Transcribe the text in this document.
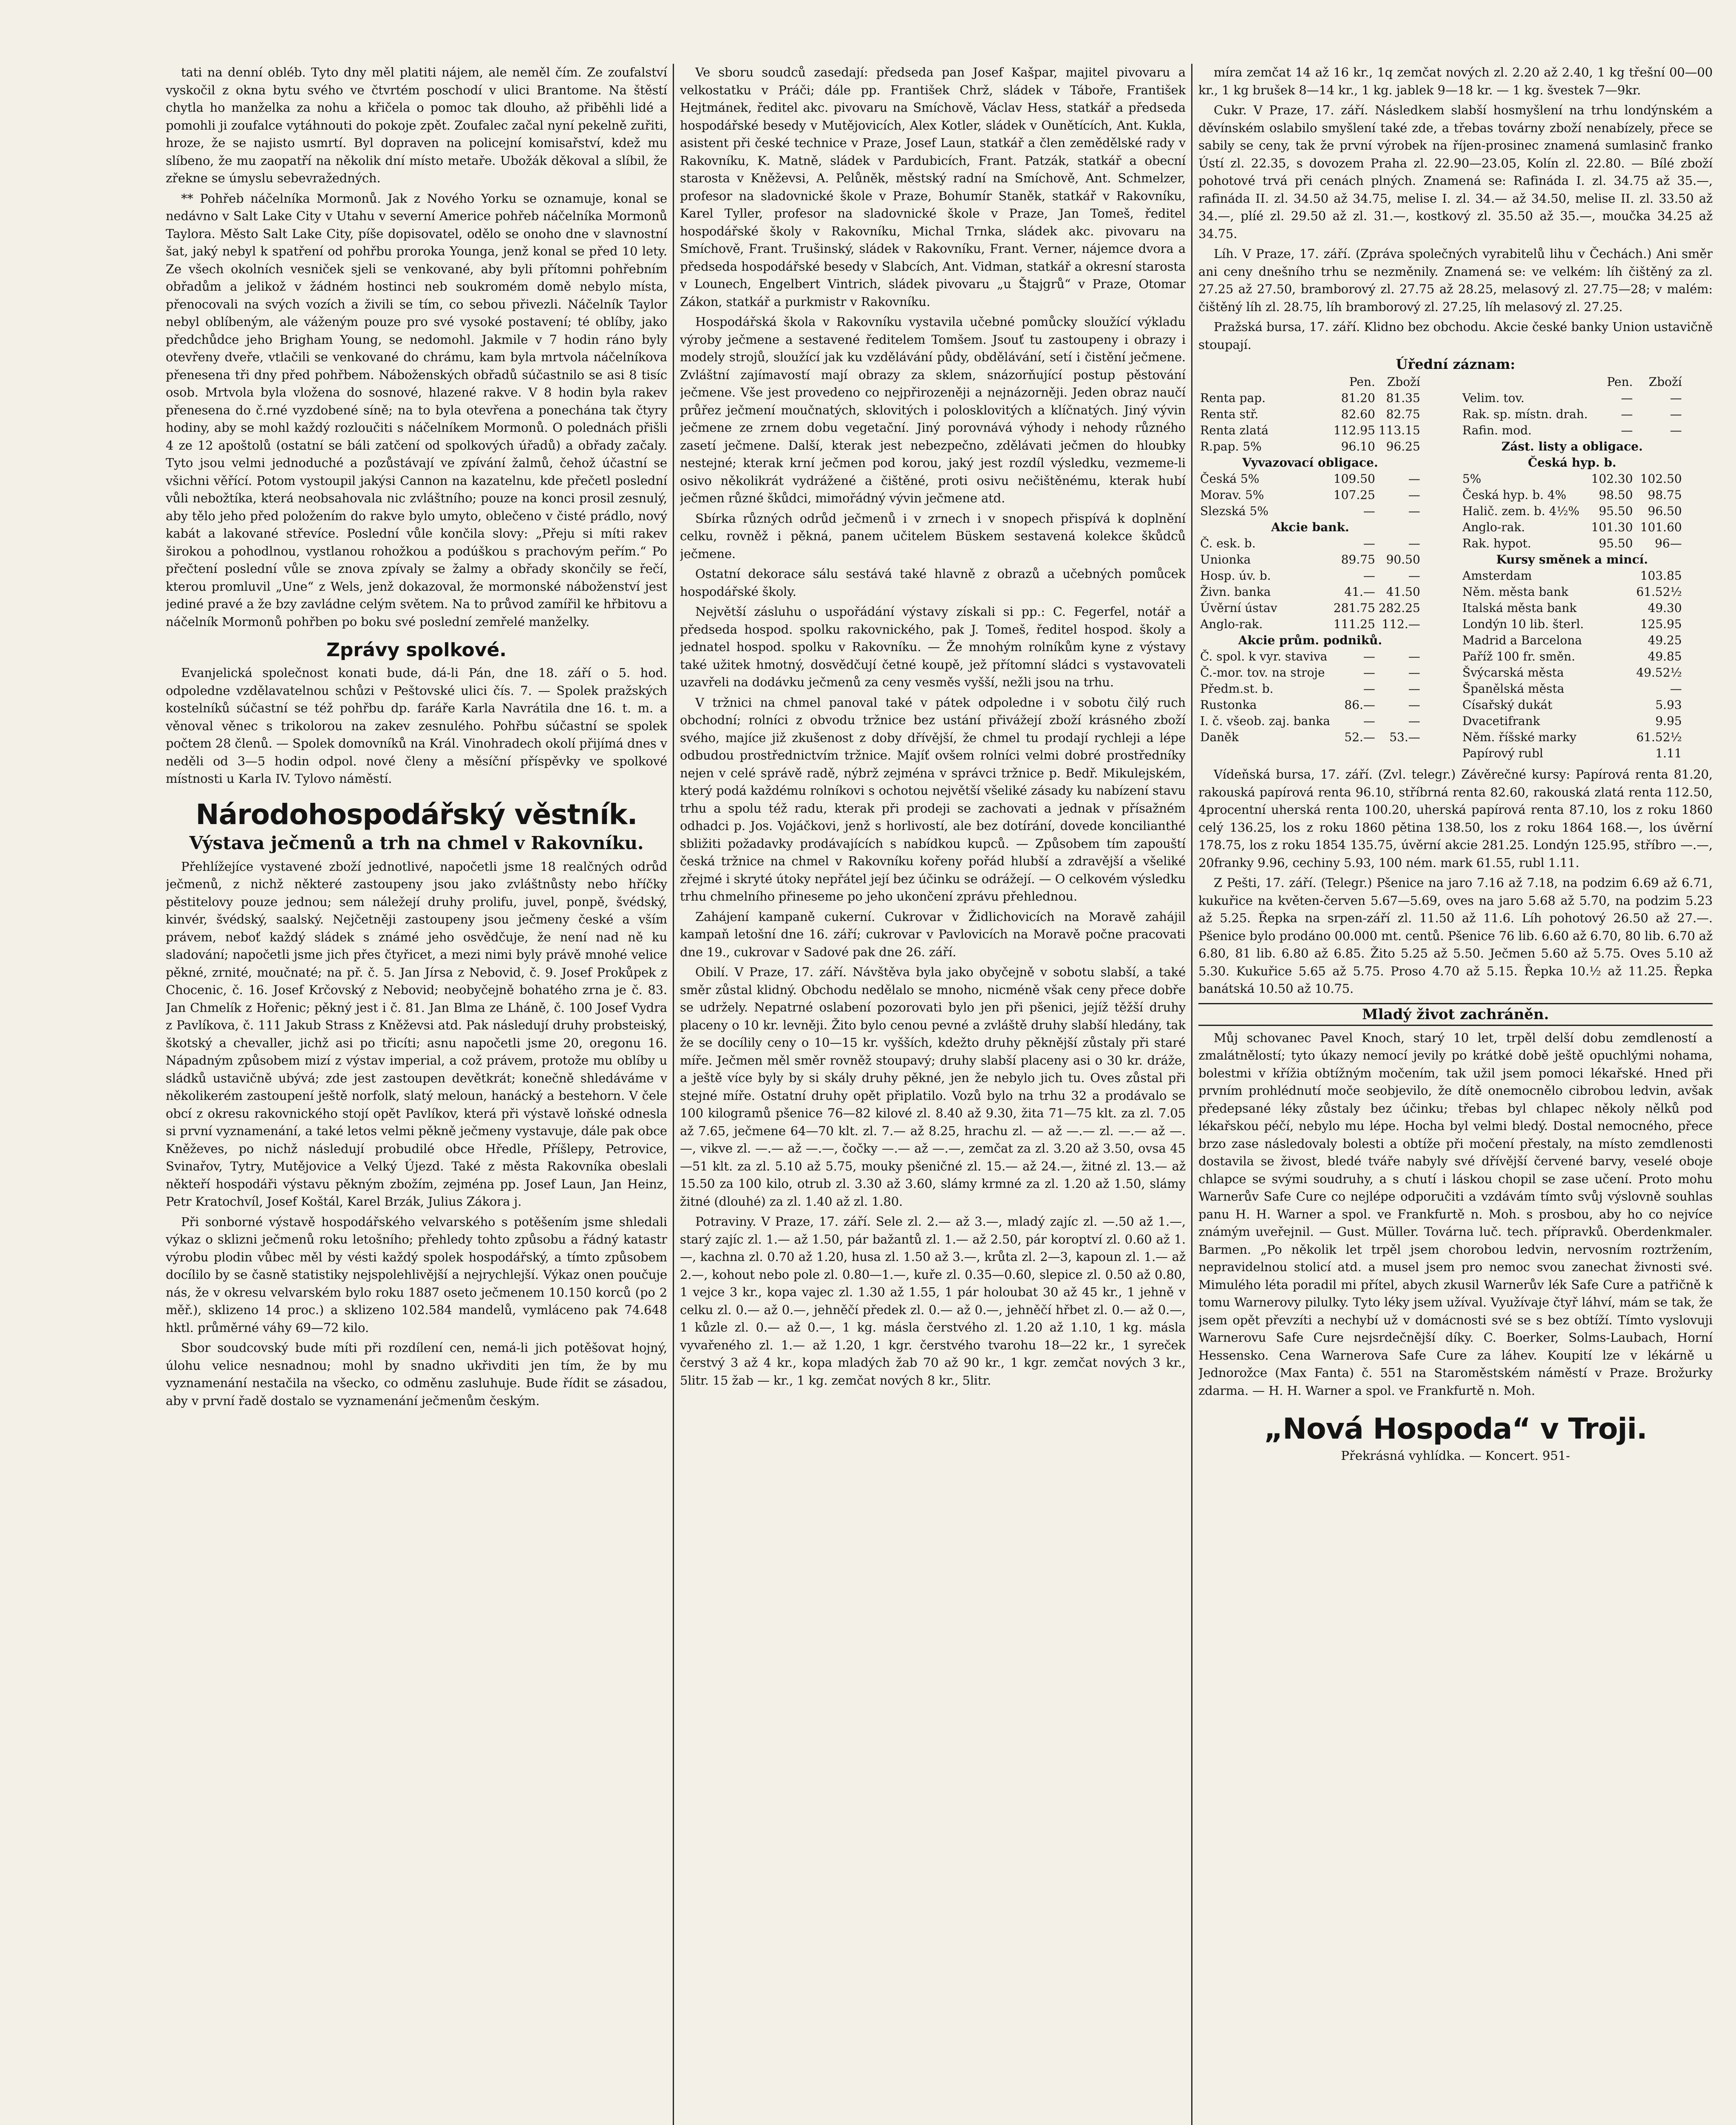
tati na denní obléb. Tyto dny měl platiti nájem, ale neměl čím. Ze zoufalství vyskočil z okna bytu svého ve čtvrtém poschodí v ulici Brantome. Na štěstí chytla ho manželka za nohu a křičela o pomoc tak dlouho, až přiběhli lidé a pomohli ji zoufalce vytáhnouti do pokoje zpět. Zoufalec začal nyní pekelně zuřiti, hroze, že se najisto usmrtí. Byl dopraven na policejní komisařství, kdež mu slíbeno, že mu zaopatří na několik dní místo metaře. Ubožák děkoval a slíbil, že zřekne se úmyslu sebevražedných.

** Pohřeb náčelníka Mormonů. Jak z Nového Yorku se oznamuje, konal se nedávno v Salt Lake City v Utahu v severní Americe pohřeb náčelníka Mormonů Taylora. Město Salt Lake City, píše dopisovatel, odělo se onoho dne v slavnostní šat, jaký nebyl k spatření od pohřbu proroka Younga, jenž konal se před 10 lety. Ze všech okolních vesniček sjeli se venkované, aby byli přítomni pohřebním obřadům a jelikož v žádném hostinci neb soukromém domě nebylo místa, přenocovali na svých vozích a živili se tím, co sebou přivezli. Náčelník Taylor nebyl oblíbeným, ale váženým pouze pro své vysoké postavení; té oblíby, jako předchůdce jeho Brigham Young, se nedomohl. Jakmile v 7 hodin ráno byly otevřeny dveře, vtlačili se venkované do chrámu, kam byla mrtvola náčelníkova přenesena tři dny před pohřbem. Náboženských obřadů súčastnilo se asi 8 tisíc osob. Mrtvola byla vložena do sosnové, hlazené rakve. V 8 hodin byla rakev přenesena do č.rné vyzdobené síně; na to byla otevřena a ponechána tak čtyry hodiny, aby se mohl každý rozloučiti s náčelníkem Mormonů. O polednách přišli 4 ze 12 apoštolů (ostatní se báli zatčení od spolkových úřadů) a obřady začaly. Tyto jsou velmi jednoduché a pozůstávají ve zpívání žalmů, čehož účastní se všichni věřící. Potom vystoupil jakýsi Cannon na kazatelnu, kde přečetl poslední vůli nebožtíka, která neobsahovala nic zvláštního; pouze na konci prosil zesnulý, aby tělo jeho před položením do rakve bylo umyto, oblečeno v čisté prádlo, nový kabát a lakované střevíce. Poslední vůle končila slovy: „Přeju si míti rakev širokou a pohodlnou, vystlanou rohožkou a podúškou s prachovým peřím.“ Po přečtení poslední vůle se znova zpívaly se žalmy a obřady skončily se řečí, kterou promluvil „Une“ z Wels, jenž dokazoval, že mormonské náboženství jest jediné pravé a že bzy zavládne celým světem. Na to průvod zamířil ke hřbitovu a náčelník Mormonů pohřben po boku své poslední zemřelé manželky.

Zprávy spolkové.

Evanjelická společnost konati bude, dá-li Pán, dne 18. září o 5. hod. odpoledne vzdělavatelnou schůzi v Peštovské ulici čís. 7. — Spolek pražských kostelníků súčastní se též pohřbu dp. faráře Karla Navrátila dne 16. t. m. a věnoval věnec s trikolorou na zakev zesnulého. Pohřbu súčastní se spolek počtem 28 členů. — Spolek domovníků na Král. Vinohradech okolí přijímá dnes v neděli od 3—5 hodin odpol. nové členy a měsíční příspěvky ve spolkové místnosti u Karla IV. Tylovo náměstí.

Národohospodářský věstník.
Výstava ječmenů a trh na chmel v Rakovníku.

Přehlížejíce vystavené zboží jednotlivé, napočetli jsme 18 realčných odrůd ječmenů, z nichž některé zastoupeny jsou jako zvláštnůsty nebo hříčky pěstitelovy pouze jednou; sem náležejí druhy prolifu, juvel, ponpě, švédský, kinvér, švédský, saalský. Nejčetněji zastoupeny jsou ječmeny české a vším právem, neboť každý sládek s známé jeho osvědčuje, že není nad ně ku sladování; napočetli jsme jich přes čtyřicet, a mezi nimi byly právě mnohé velice pěkné, zrnité, moučnaté; na př. č. 5. Jan Jírsa z Nebovid, č. 9. Josef Prokůpek z Chocenic, č. 16. Josef Krčovský z Nebovid; neobyčejně bohatého zrna je č. 83. Jan Chmelík z Hořenic; pěkný jest i č. 81. Jan Blma ze Lháně, č. 100 Josef Vydra z Pavlíkova, č. 111 Jakub Strass z Kněževsi atd. Pak následují druhy probsteiský, škotský a chevaller, jichž asi po třicíti; asnu napočetli jsme 20, oregonu 16. Nápadným způsobem mizí z výstav imperial, a což právem, protože mu oblíby u sládků ustavičně ubývá; zde jest zastoupen devětkrát; konečně shledáváme v několikerém zastoupení ještě norfolk, slatý meloun, hanácký a bestehorn. V čele obcí z okresu rakovnického stojí opět Pavlíkov, která při výstavě loňské odnesla si první vyznamenání, a také letos velmi pěkně ječmeny vystavuje, dále pak obce Kněževes, po nichž následují probudilé obce Hředle, Příšlepy, Petrovice, Svinařov, Tytry, Mutějovice a Velký Újezd. Také z města Rakovníka obeslali někteří hospodáři výstavu pěkným zbožím, zejména pp. Josef Laun, Jan Heinz, Petr Kratochvíl, Josef Koštál, Karel Brzák, Julius Zákora j.

Při sonborné výstavě hospodářského velvarského s potěšením jsme shledali výkaz o sklizni ječmenů roku letošního; přehledy tohto způsobu a řádný katastr výrobu plodin vůbec měl by vésti každý spolek hospodářský, a tímto způsobem docílilo by se časně statistiky nejspolehlivější a nejrychlejší. Výkaz onen poučuje nás, že v okresu velvarském bylo roku 1887 oseto ječmenem 10.150 korců (po 2 měř.), sklizeno 14 proc.) a sklizeno 102.584 mandelů, vymláceno pak 74.648 hktl. průměrné váhy 69—72 kilo.

Sbor soudcovský bude míti při rozdílení cen, nemá-li jich potěšovat hojný, úlohu velice nesnadnou; mohl by snadno ukřivditi jen tím, že by mu vyznamenání nestačila na všecko, co odměnu zasluhuje. Bude řídit se zásadou, aby v první řadě dostalo se vyznamenání ječmenům českým.

Ve sboru soudců zasedají: předseda pan Josef Kašpar, majitel pivovaru a velkostatku v Práči; dále pp. František Chrž, sládek v Táboře, František Hejtmánek, ředitel akc. pivovaru na Smíchově, Václav Hess, statkář a předseda hospodářské besedy v Mutějovicích, Alex Kotler, sládek v Ounětících, Ant. Kukla, asistent při české technice v Praze, Josef Laun, statkář a člen zemědělské rady v Rakovníku, K. Matně, sládek v Pardubicích, Frant. Patzák, statkář a obecní starosta v Kněževsi, A. Pelůněk, městský radní na Smíchově, Ant. Schmelzer, profesor na sladovnické škole v Praze, Bohumír Staněk, statkář v Rakovníku, Karel Tyller, profesor na sladovnické škole v Praze, Jan Tomeš, ředitel hospodářské školy v Rakovníku, Michal Trnka, sládek akc. pivovaru na Smíchově, Frant. Trušinský, sládek v Rakovníku, Frant. Verner, nájemce dvora a předseda hospodářské besedy v Slabcích, Ant. Vidman, statkář a okresní starosta v Lounech, Engelbert Vintrich, sládek pivovaru „u Štajgrů“ v Praze, Otomar Zákon, statkář a purkmistr v Rakovníku.

Hospodářská škola v Rakovníku vystavila učebné pomůcky sloužící výkladu výroby ječmene a sestavené ředitelem Tomšem. Jsouť tu zastoupeny i obrazy i modely strojů, sloužící jak ku vzdělávání půdy, obdělávání, setí i čistění ječmene. Zvláštní zajímavostí mají obrazy za sklem, snázorňující postup pěstování ječmene. Vše jest provedeno co nejpřirozeněji a nejnázorněji. Jeden obraz naučí průřez ječmení moučnatých, sklovitých i polosklovitých a klíčnatých. Jiný vývin ječmene ze zrnem dobu vegetační. Jiný porovnává výhody i nehody různého zasetí ječmene. Další, kterak jest nebezpečno, zdělávati ječmen do hloubky nestejné; kterak krní ječmen pod korou, jaký jest rozdíl výsledku, vezmeme-li osivo několikrát vydrážené a čištěné, proti osivu nečištěnému, kterak hubí ječmen různé škůdci, mimořádný vývin ječmene atd.

Sbírka různých odrůd ječmenů i v zrnech i v snopech přispívá k doplnění celku, rovněž i pěkná, panem učitelem Büskem sestavená kolekce škůdců ječmene.

Ostatní dekorace sálu sestává také hlavně z obrazů a učebných pomůcek hospodářské školy.

Největší zásluhu o uspořádání výstavy získali si pp.: C. Fegerfel, notář a předseda hospod. spolku rakovnického, pak J. Tomeš, ředitel hospod. školy a jednatel hospod. spolku v Rakovníku. — Že mnohým rolníkům kyne z výstavy také užitek hmotný, dosvědčují četné koupě, jež přítomní sládci s vystavovateli uzavřeli na dodávku ječmenů za ceny vesměs vyšší, nežli jsou na trhu.

V tržnici na chmel panoval také v pátek odpoledne i v sobotu čilý ruch obchodní; rolníci z obvodu tržnice bez ustání přivážejí zboží krásného zboží svého, majíce již zkušenost z doby dřívější, že chmel tu prodají rychleji a lépe odbudou prostřednictvím tržnice. Majíť ovšem rolníci velmi dobré prostředníky nejen v celé správě radě, nýbrž zejména v správci tržnice p. Bedř. Mikulejském, který podá každému rolníkovi s ochotou největší všeliké zásady ku nabízení stavu trhu a spolu též radu, kterak při prodeji se zachovati a jednak v přísažném odhadci p. Jos. Vojáčkovi, jenž s horlivostí, ale bez dotírání, dovede koncilianthé sbližiti požadavky prodávajících s nabídkou kupců. — Způsobem tím zapouští česká tržnice na chmel v Rakovníku kořeny pořád hlubší a zdravější a všeliké zřejmé i skryté útoky nepřátel její bez účinku se odrážejí. — O celkovém výsledku trhu chmelního přineseme po jeho ukončení zprávu přehlednou.

Zahájení kampaně cukerní. Cukrovar v Židlichovicích na Moravě zahájil kampaň letošní dne 16. září; cukrovar v Pavlovicích na Moravě počne pracovati dne 19., cukrovar v Sadové pak dne 26. září.

Obilí. V Praze, 17. září. Návštěva byla jako obyčejně v sobotu slabší, a také směr zůstal klidný. Obchodu nedělalo se mnoho, nicméně však ceny přece dobře se udržely. Nepatrné oslabení pozorovati bylo jen při pšenici, jejíž těžší druhy placeny o 10 kr. levněji. Žito bylo cenou pevné a zvláště druhy slabší hledány, tak že se docílily ceny o 10—15 kr. vyšších, kdežto druhy pěknější zůstaly při staré míře. Ječmen měl směr rovněž stoupavý; druhy slabší placeny asi o 30 kr. dráže, a ještě více byly by si skály druhy pěkné, jen že nebylo jich tu. Oves zůstal při stejné míře. Ostatní druhy opět připlatilo. Vozů bylo na trhu 32 a prodávalo se 100 kilogramů pšenice 76—82 kilové zl. 8.40 až 9.30, žita 71—75 klt. za zl. 7.05 až 7.65, ječmene 64—70 klt. zl. 7.— až 8.25, hrachu zl. — až —.— zl. —.— až —.—, vikve zl. —.— až —.—, čočky —.— až —.—, zemčat za zl. 3.20 až 3.50, ovsa 45—51 klt. za zl. 5.10 až 5.75, mouky pšeničné zl. 15.— až 24.—, žitné zl. 13.— až 15.50 za 100 kilo, otrub zl. 3.30 až 3.60, slámy krmné za zl. 1.20 až 1.50, slámy žitné (dlouhé) za zl. 1.40 až zl. 1.80.

Potraviny. V Praze, 17. září. Sele zl. 2.— až 3.—, mladý zajíc zl. —.50 až 1.—, starý zajíc zl. 1.— až 1.50, pár bažantů zl. 1.— až 2.50, pár koroptví zl. 0.60 až 1.—, kachna zl. 0.70 až 1.20, husa zl. 1.50 až 3.—, krůta zl. 2—3, kapoun zl. 1.— až 2.—, kohout nebo pole zl. 0.80—1.—, kuře zl. 0.35—0.60, slepice zl. 0.50 až 0.80, 1 vejce 3 kr., kopa vajec zl. 1.30 až 1.55, 1 pár holoubat 30 až 45 kr., 1 jehně v celku zl. 0.— až 0.—, jehněčí předek zl. 0.— až 0.—, jehněčí hřbet zl. 0.— až 0.—, 1 kůzle zl. 0.— až 0.—, 1 kg. másla čerstvého zl. 1.20 až 1.10, 1 kg. másla vyvařeného zl. 1.— až 1.20, 1 kgr. čerstvého tvarohu 18—22 kr., 1 syreček čerstvý 3 až 4 kr., kopa mladých žab 70 až 90 kr., 1 kgr. zemčat nových 3 kr., 5litr. 15 žab — kr., 1 kg. zemčat nových 8 kr., 5litr.

míra zemčat 14 až 16 kr., 1q zemčat nových zl. 2.20 až 2.40, 1 kg třešní 00—00 kr., 1 kg brušek 8—14 kr., 1 kg. jablek 9—18 kr. — 1 kg. švestek 7—9kr.

Cukr. V Praze, 17. září. Následkem slabší hosmyšlení na trhu londýnském a děvínském oslabilo smyšlení také zde, a třebas továrny zboží nenabízely, přece se sabily se ceny, tak že první výrobek na říjen-prosinec znamená sumlasinč franko Ústí zl. 22.35, s dovozem Praha zl. 22.90—23.05, Kolín zl. 22.80. — Bílé zboží pohotové trvá při cenách plných. Znamená se: Rafináda I. zl. 34.75 až 35.—, rafináda II. zl. 34.50 až 34.75, melise I. zl. 34.— až 34.50, melise II. zl. 33.50 až 34.—, plíé zl. 29.50 až zl. 31.—, kostkový zl. 35.50 až 35.—, moučka 34.25 až 34.75.

Líh. V Praze, 17. září. (Zpráva společných vyrabitelů lihu v Čechách.) Ani směr ani ceny dnešního trhu se nezměnily. Znamená se: ve velkém: líh čištěný za zl. 27.25 až 27.50, bramborový zl. 27.75 až 28.25, melasový zl. 27.75—28; v malém: čištěný líh zl. 28.75, líh bramborový zl. 27.25, líh melasový zl. 27.25.

Pražská bursa, 17. září. Klidno bez obchodu. Akcie české banky Union ustavičně stoupají.

Úřední záznam:
	Pen.	Zboží
Renta pap.	81.20	81.35
Renta stř.	82.60	82.75
Renta zlatá	112.95	113.15
R.pap. 5%	96.10	96.25
Vyvazovací obligace.		
Česká 5%	109.50	—
Morav. 5%	107.25	—
Slezská 5%	—	—
Akcie bank.		
Č. esk. b.	—	—
Unionka	89.75	90.50
Hosp. úv. b.	—	—
Živn. banka	41.—	41.50
Úvěrní ústav	281.75	282.25
Anglo-rak.	111.25	112.—
Akcie prům. podniků.		
Č. spol. k vyr. staviva	—	—
Č.-mor. tov. na stroje	—	—
Předm.st. b.	—	—
Rustonka	86.—	—
I. č. všeob. zaj. banka	—	—
Daněk	52.—	53.—
	Pen.	Zboží
Velim. tov.	—	—
Rak. sp. místn. drah.	—	—
Rafin. mod.	—	—
Zást. listy a obligace.		
Česká hyp. b.		
5%	102.30	102.50
Česká hyp. b. 4%	98.50	98.75
Halič. zem. b. 4½%	95.50	96.50
Anglo-rak.	101.30	101.60
Rak. hypot.	95.50	96—
Kursy směnek a mincí.		
Amsterdam		103.85
Něm. města bank		61.52½
Italská města bank		49.30
Londýn 10 lib. šterl.		125.95
Madrid a Barcelona		49.25
Paříž 100 fr. směn.		49.85
Švýcarská města		49.52½
Španělská města		—
Císařský dukát		5.93
Dvacetifrank		9.95
Něm. říšské marky		61.52½
Papírový rubl		1.11

Vídeňská bursa, 17. září. (Zvl. telegr.) Závěrečné kursy: Papírová renta 81.20, rakouská papírová renta 96.10, stříbrná renta 82.60, rakouská zlatá renta 112.50, 4procentní uherská renta 100.20, uherská papírová renta 87.10, los z roku 1860 celý 136.25, los z roku 1860 pětina 138.50, los z roku 1864 168.—, los úvěrní 178.75, los z roku 1854 135.75, úvěrní akcie 281.25. Londýn 125.95, stříbro —.—, 20franky 9.96, cechiny 5.93, 100 ném. mark 61.55, rubl 1.11.

Z Pešti, 17. září. (Telegr.) Pšenice na jaro 7.16 až 7.18, na podzim 6.69 až 6.71, kukuřice na květen-červen 5.67—5.69, oves na jaro 5.68 až 5.70, na podzim 5.23 až 5.25. Řepka na srpen-září zl. 11.50 až 11.6. Líh pohotový 26.50 až 27.—. Pšenice bylo prodáno 00.000 mt. centů. Pšenice 76 lib. 6.60 až 6.70, 80 lib. 6.70 až 6.80, 81 lib. 6.80 až 6.85. Žito 5.25 až 5.50. Ječmen 5.60 až 5.75. Oves 5.10 až 5.30. Kukuřice 5.65 až 5.75. Proso 4.70 až 5.15. Řepka 10.½ až 11.25. Řepka banátská 10.50 až 10.75.

Mladý život zachráněn.

Můj schovanec Pavel Knoch, starý 10 let, trpěl delší dobu zemdleností a zmalátnělostí; tyto úkazy nemocí jevily po krátké době ještě opuchlými nohama, bolestmi v křížia obtížným močením, tak užil jsem pomoci lékařské. Hned při prvním prohlédnutí moče seobjevilo, že dítě onemocnělo cibrobou ledvin, avšak předepsané léky zůstaly bez účinku; třebas byl chlapec několy nělků pod lékařskou péčí, nebylo mu lépe. Hocha byl velmi bledý. Dostal nemocného, přece brzo zase následovaly bolesti a obtíže při močení přestaly, na místo zemdlenosti dostavila se živost, bledé tváře nabyly své dřívější červené barvy, veselé oboje chlapce se svými soudruhy, a s chutí i láskou chopil se zase učení. Proto mohu Warnerův Safe Cure co nejlépe odporučiti a vzdávám tímto svůj výslovně souhlas panu H. H. Warner a spol. ve Frankfurtě n. Moh. s prosbou, aby ho co nejvíce známým uveřejnil. — Gust. Müller. Továrna luč. tech. přípravků. Oberdenkmaler. Barmen. „Po několik let trpěl jsem chorobou ledvin, nervosním roztržením, nepravidelnou stolicí atd. a musel jsem pro nemoc svou zanechat živnosti své. Mimulého léta poradil mi přítel, abych zkusil Warnerův lék Safe Cure a patřičně k tomu Warnerovy pilulky. Tyto léky jsem užíval. Využívaje čtyř láhví, mám se tak, že jsem opět převzíti a nechybí už v domácnosti své se s bez obtíží. Tímto vyslovuji Warnerovu Safe Cure nejsrdečnější díky. C. Boerker, Solms-Laubach, Horní Hessensko. Cena Warnerova Safe Cure za láhev. Koupití lze v lékárně u Jednorožce (Max Fanta) č. 551 na Staroměstském náměstí v Praze. Brožurky zdarma. — H. H. Warner a spol. ve Frankfurtě n. Moh.

„Nová Hospoda“ v Troji.
Překrásná vyhlídka. — Koncert. 951-
